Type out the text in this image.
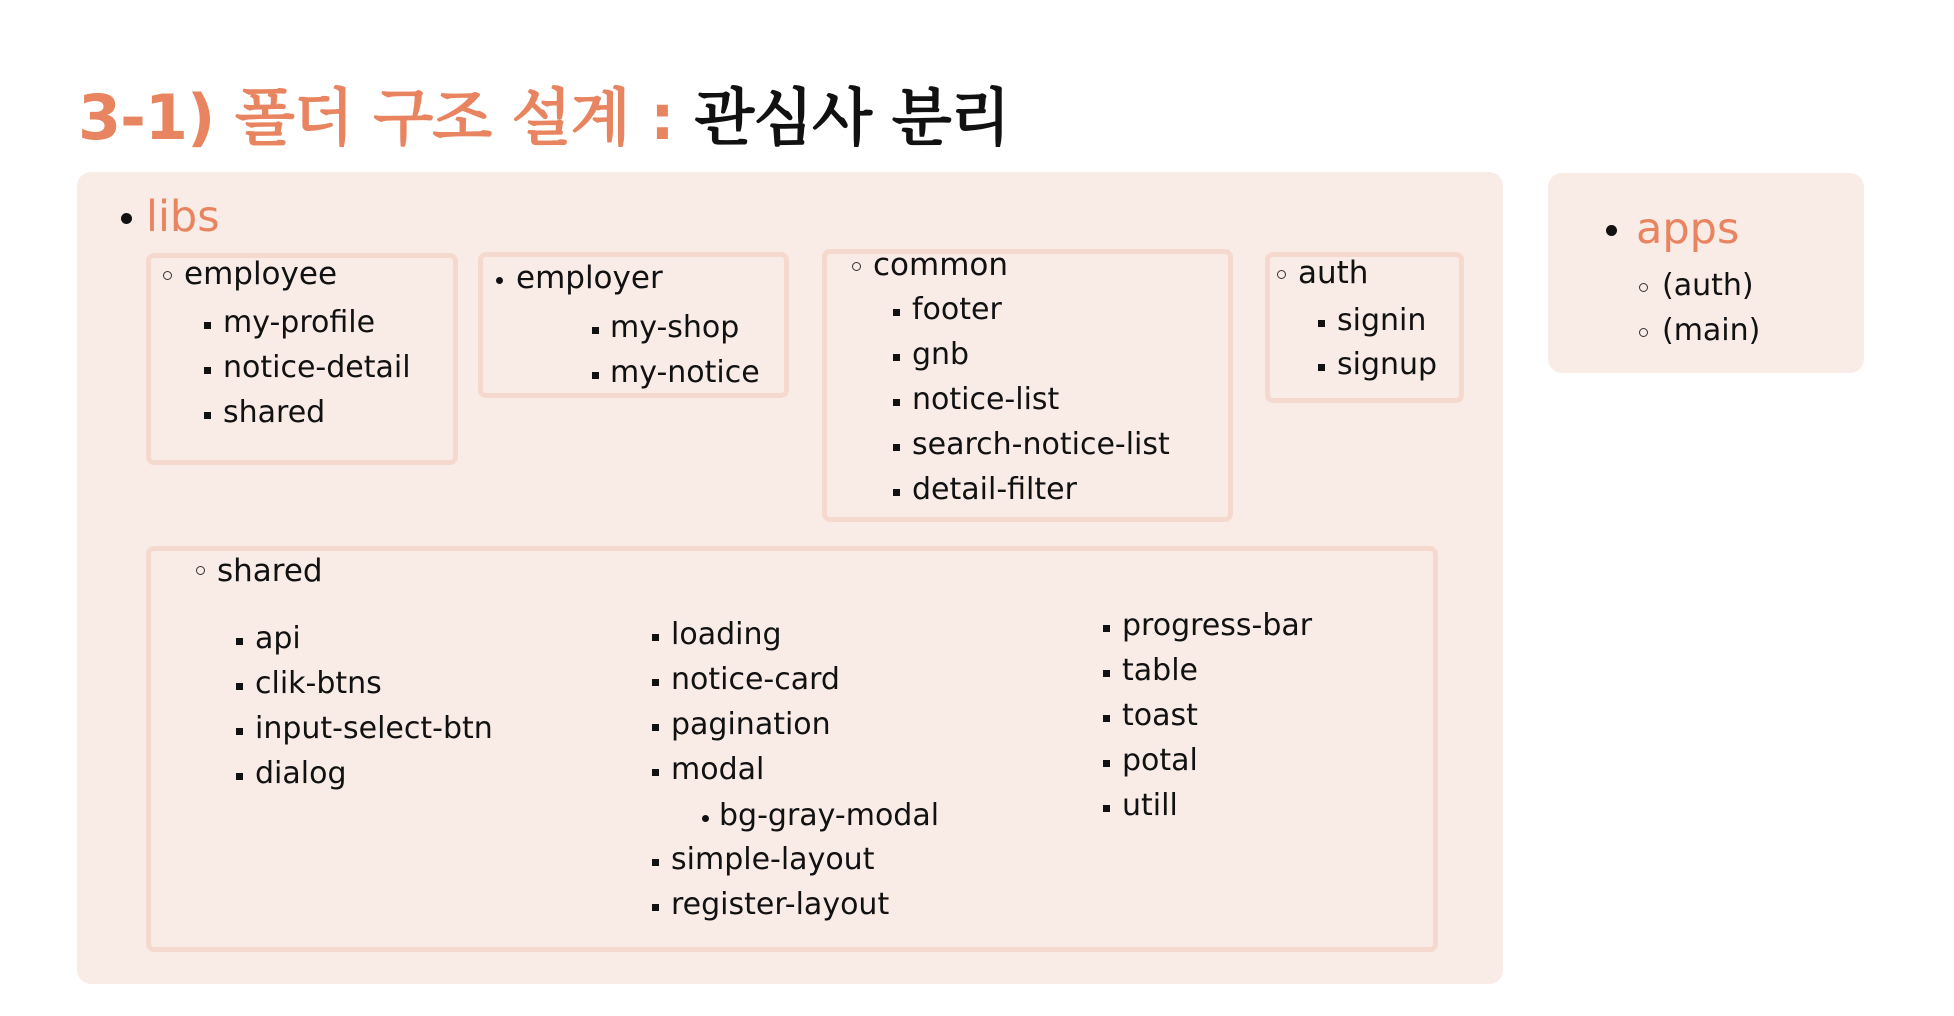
3-1) 폴더 구조 설계 : 관심사 분리
libs
employee
my-profile
notice-detail
shared
employer
my-shop
my-notice
common
footer
gnb
notice-list
search-notice-list
detail-filter
auth
signin
signup
shared
api
clik-btns
input-select-btn
dialog
loading
notice-card
pagination
modal
bg-gray-modal
simple-layout
register-layout
progress-bar
table
toast
potal
utill
apps
(auth)
(main)
